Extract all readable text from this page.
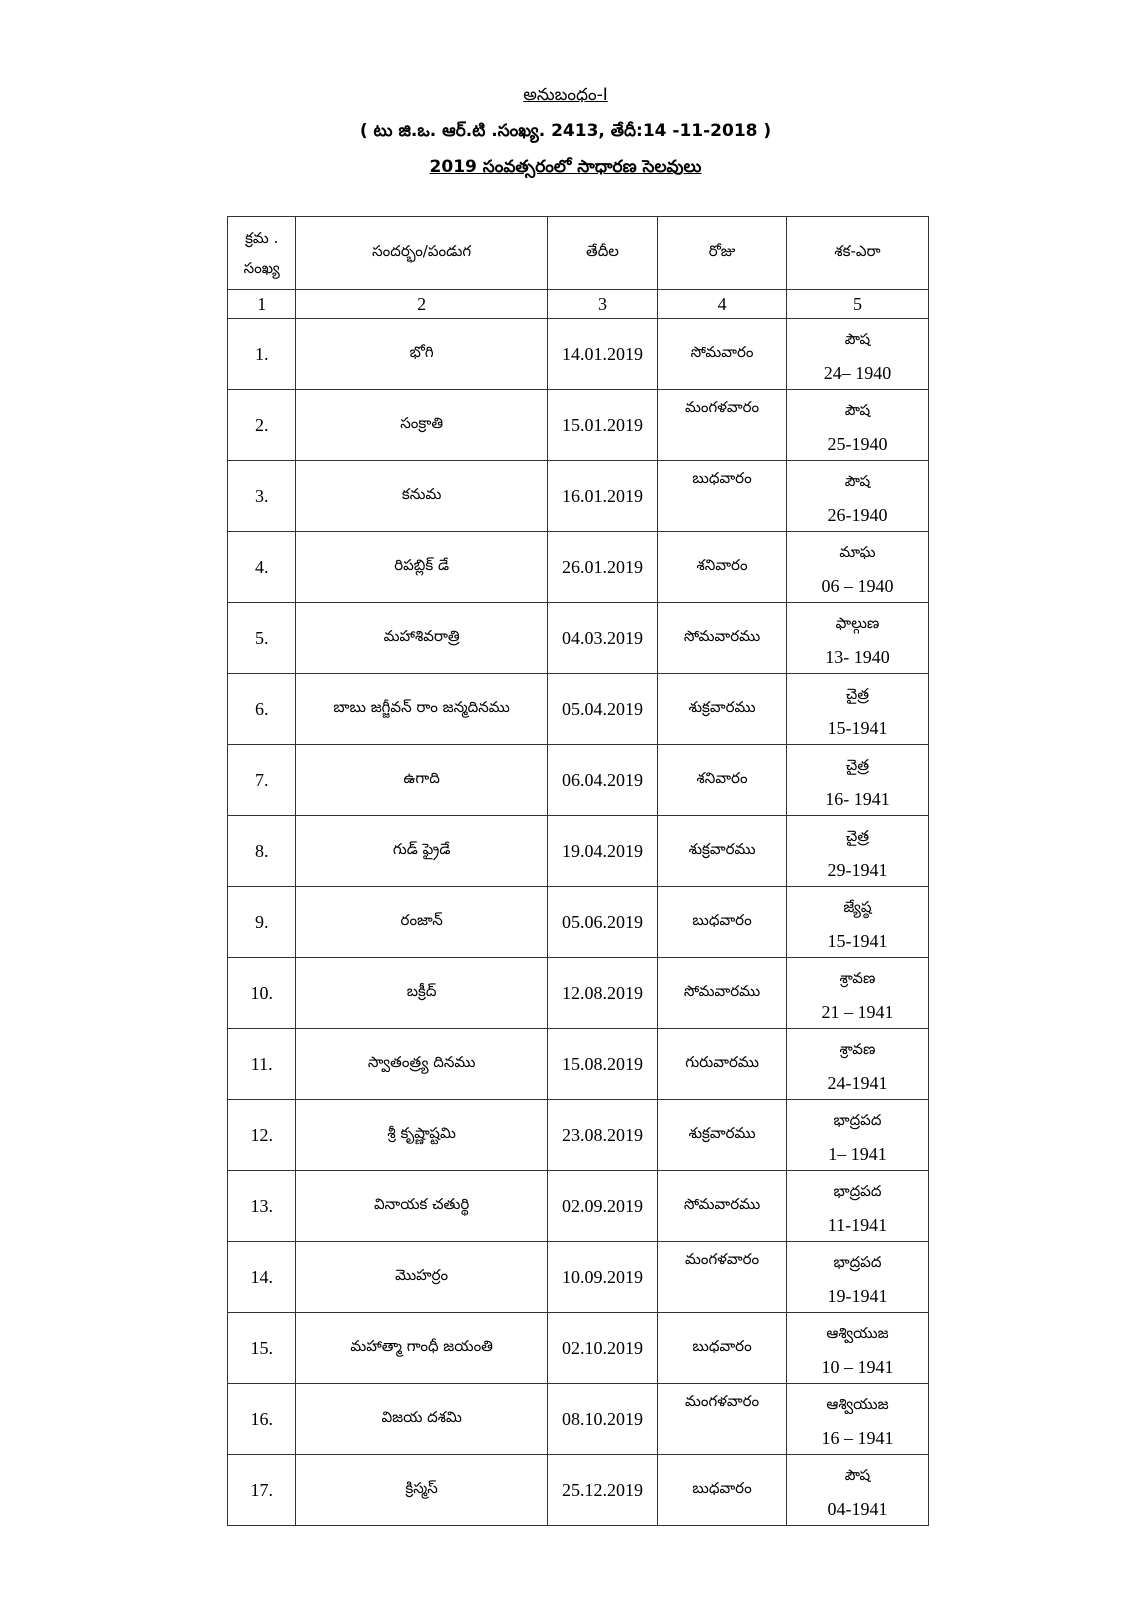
అనుబంధం-I
( టు జి.ఒ. ఆర్.టి .సంఖ్య. 2413, తేదీ:14 -11-2018 )
2019 సంవత్సరంలో సాధారణ సెలవులు
క్రమ .
సంఖ్య	సందర్భం/పండుగ	తేదీల	రోజు	శక-ఎరా
1	2	3	4	5
1.	భోగి	14.01.2019	సోమవారం	పౌష
24– 1940

2.	సంక్రాతి	15.01.2019	మంగళవారం	పౌష
25-1940

3.	కనుమ	16.01.2019	బుధవారం	పౌష
26-1940

4.	రిపబ్లిక్ డే	26.01.2019	శనివారం	మాఘ
06 – 1940

5.	మహాశివరాత్రి	04.03.2019	సోమవారము	ఫాల్గుణ
13- 1940

6.	బాబు జగ్జీవన్ రాం జన్మదినము	05.04.2019	శుక్రవారము	చైత్ర
15-1941

7.	ఉగాది	06.04.2019	శనివారం	చైత్ర
16- 1941

8.	గుడ్ ఫ్రైడే	19.04.2019	శుక్రవారము	చైత్ర
29-1941

9.	రంజాన్	05.06.2019	బుధవారం	జ్యేష్ఠ
15-1941

10.	బక్రీద్	12.08.2019	సోమవారము	శ్రావణ
21 – 1941

11.	స్వాతంత్ర్య దినము	15.08.2019	గురువారము	శ్రావణ
24-1941

12.	శ్రీ కృష్ణాష్టమి	23.08.2019	శుక్రవారము	భాద్రపద
1– 1941

13.	వినాయక చతుర్థి	02.09.2019	సోమవారము	భాద్రపద
11-1941

14.	మొహర్రం	10.09.2019	మంగళవారం	భాద్రపద
19-1941

15.	మహాత్మా గాంధీ జయంతి	02.10.2019	బుధవారం	ఆశ్వియుజ
10 – 1941

16.	విజయ దశమి	08.10.2019	మంగళవారం	ఆశ్వియుజ
16 – 1941

17.	క్రిస్మస్	25.12.2019	బుధవారం	పౌష
04-1941
